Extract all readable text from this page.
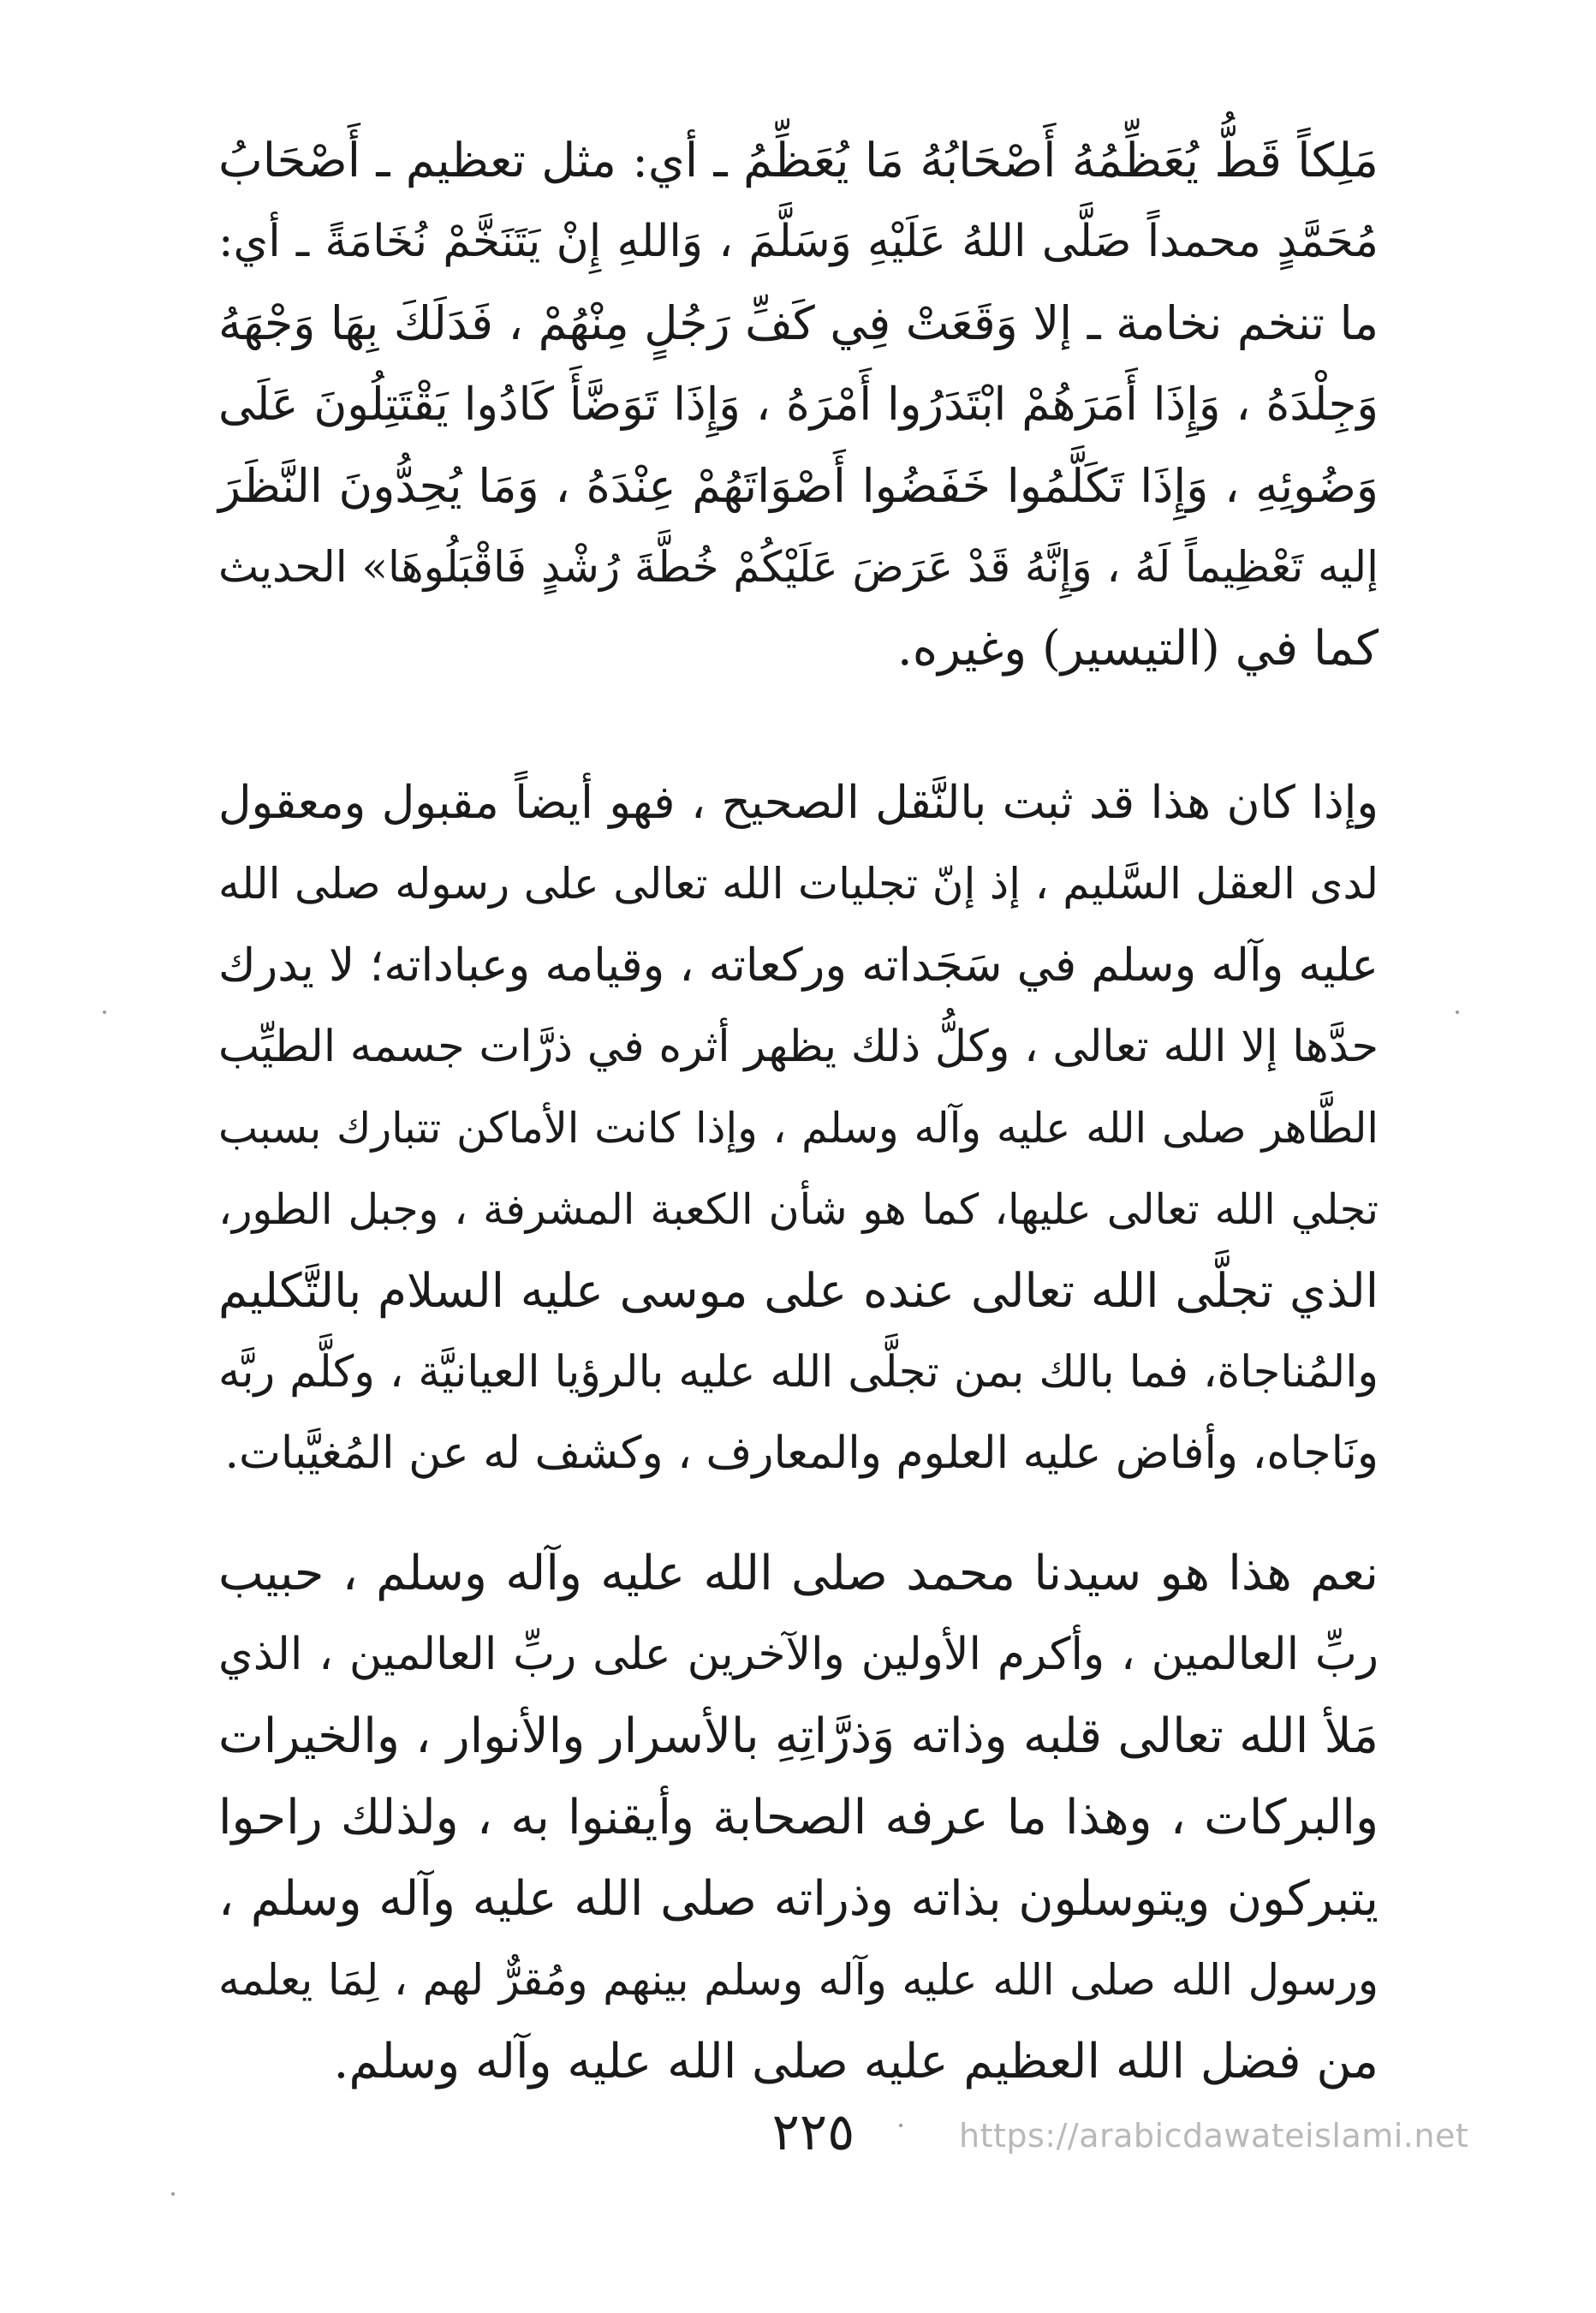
مَلِكاً قَطُّ يُعَظِّمُهُ أَصْحَابُهُ مَا يُعَظِّمُ ـ أي: مثل تعظيم ـ أَصْحَابُ
مُحَمَّدٍ محمداً صَلَّى اللهُ عَلَيْهِ وَسَلَّمَ ، وَاللهِ إِنْ يَتَنَخَّمْ نُخَامَةً ـ أي:
ما تنخم نخامة ـ إلا وَقَعَتْ فِي كَفِّ رَجُلٍ مِنْهُمْ ، فَدَلَكَ بِهَا وَجْهَهُ
وَجِلْدَهُ ، وَإِذَا أَمَرَهُمْ ابْتَدَرُوا أَمْرَهُ ، وَإِذَا تَوَضَّأَ كَادُوا يَقْتَتِلُونَ عَلَى
وَضُوئِهِ ، وَإِذَا تَكَلَّمُوا خَفَضُوا أَصْوَاتَهُمْ عِنْدَهُ ، وَمَا يُحِدُّونَ النَّظَرَ
إليه تَعْظِيماً لَهُ ، وَإِنَّهُ قَدْ عَرَضَ عَلَيْكُمْ خُطَّةَ رُشْدٍ فَاقْبَلُوهَا» الحديث
كما في (التيسير) وغيره.
وإذا كان هذا قد ثبت بالنَّقل الصحيح ، فهو أيضاً مقبول ومعقول
لدى العقل السَّليم ، إذ إنّ تجليات الله تعالى على رسوله صلى الله
عليه وآله وسلم في سَجَداته وركعاته ، وقيامه وعباداته؛ لا يدرك
حدَّها إلا الله تعالى ، وكلُّ ذلك يظهر أثره في ذرَّات جسمه الطيِّب
الطَّاهر صلى الله عليه وآله وسلم ، وإذا كانت الأماكن تتبارك بسبب
تجلي الله تعالى عليها، كما هو شأن الكعبة المشرفة ، وجبل الطور،
الذي تجلَّى الله تعالى عنده على موسى عليه السلام بالتَّكليم
والمُناجاة، فما بالك بمن تجلَّى الله عليه بالرؤيا العيانيَّة ، وكلَّم ربَّه
ونَاجاه، وأفاض عليه العلوم والمعارف ، وكشف له عن المُغيَّبات.
نعم هذا هو سيدنا محمد صلى الله عليه وآله وسلم ، حبيب
ربِّ العالمين ، وأكرم الأولين والآخرين على ربِّ العالمين ، الذي
مَلأ الله تعالى قلبه وذاته وَذرَّاتِهِ بالأسرار والأنوار ، والخيرات
والبركات ، وهذا ما عرفه الصحابة وأيقنوا به ، ولذلك راحوا
يتبركون ويتوسلون بذاته وذراته صلى الله عليه وآله وسلم ،
ورسول الله صلى الله عليه وآله وسلم بينهم ومُقرٌّ لهم ، لِمَا يعلمه
من فضل الله العظيم عليه صلى الله عليه وآله وسلم.
٢٢٥	https://arabicdawateislami.net
